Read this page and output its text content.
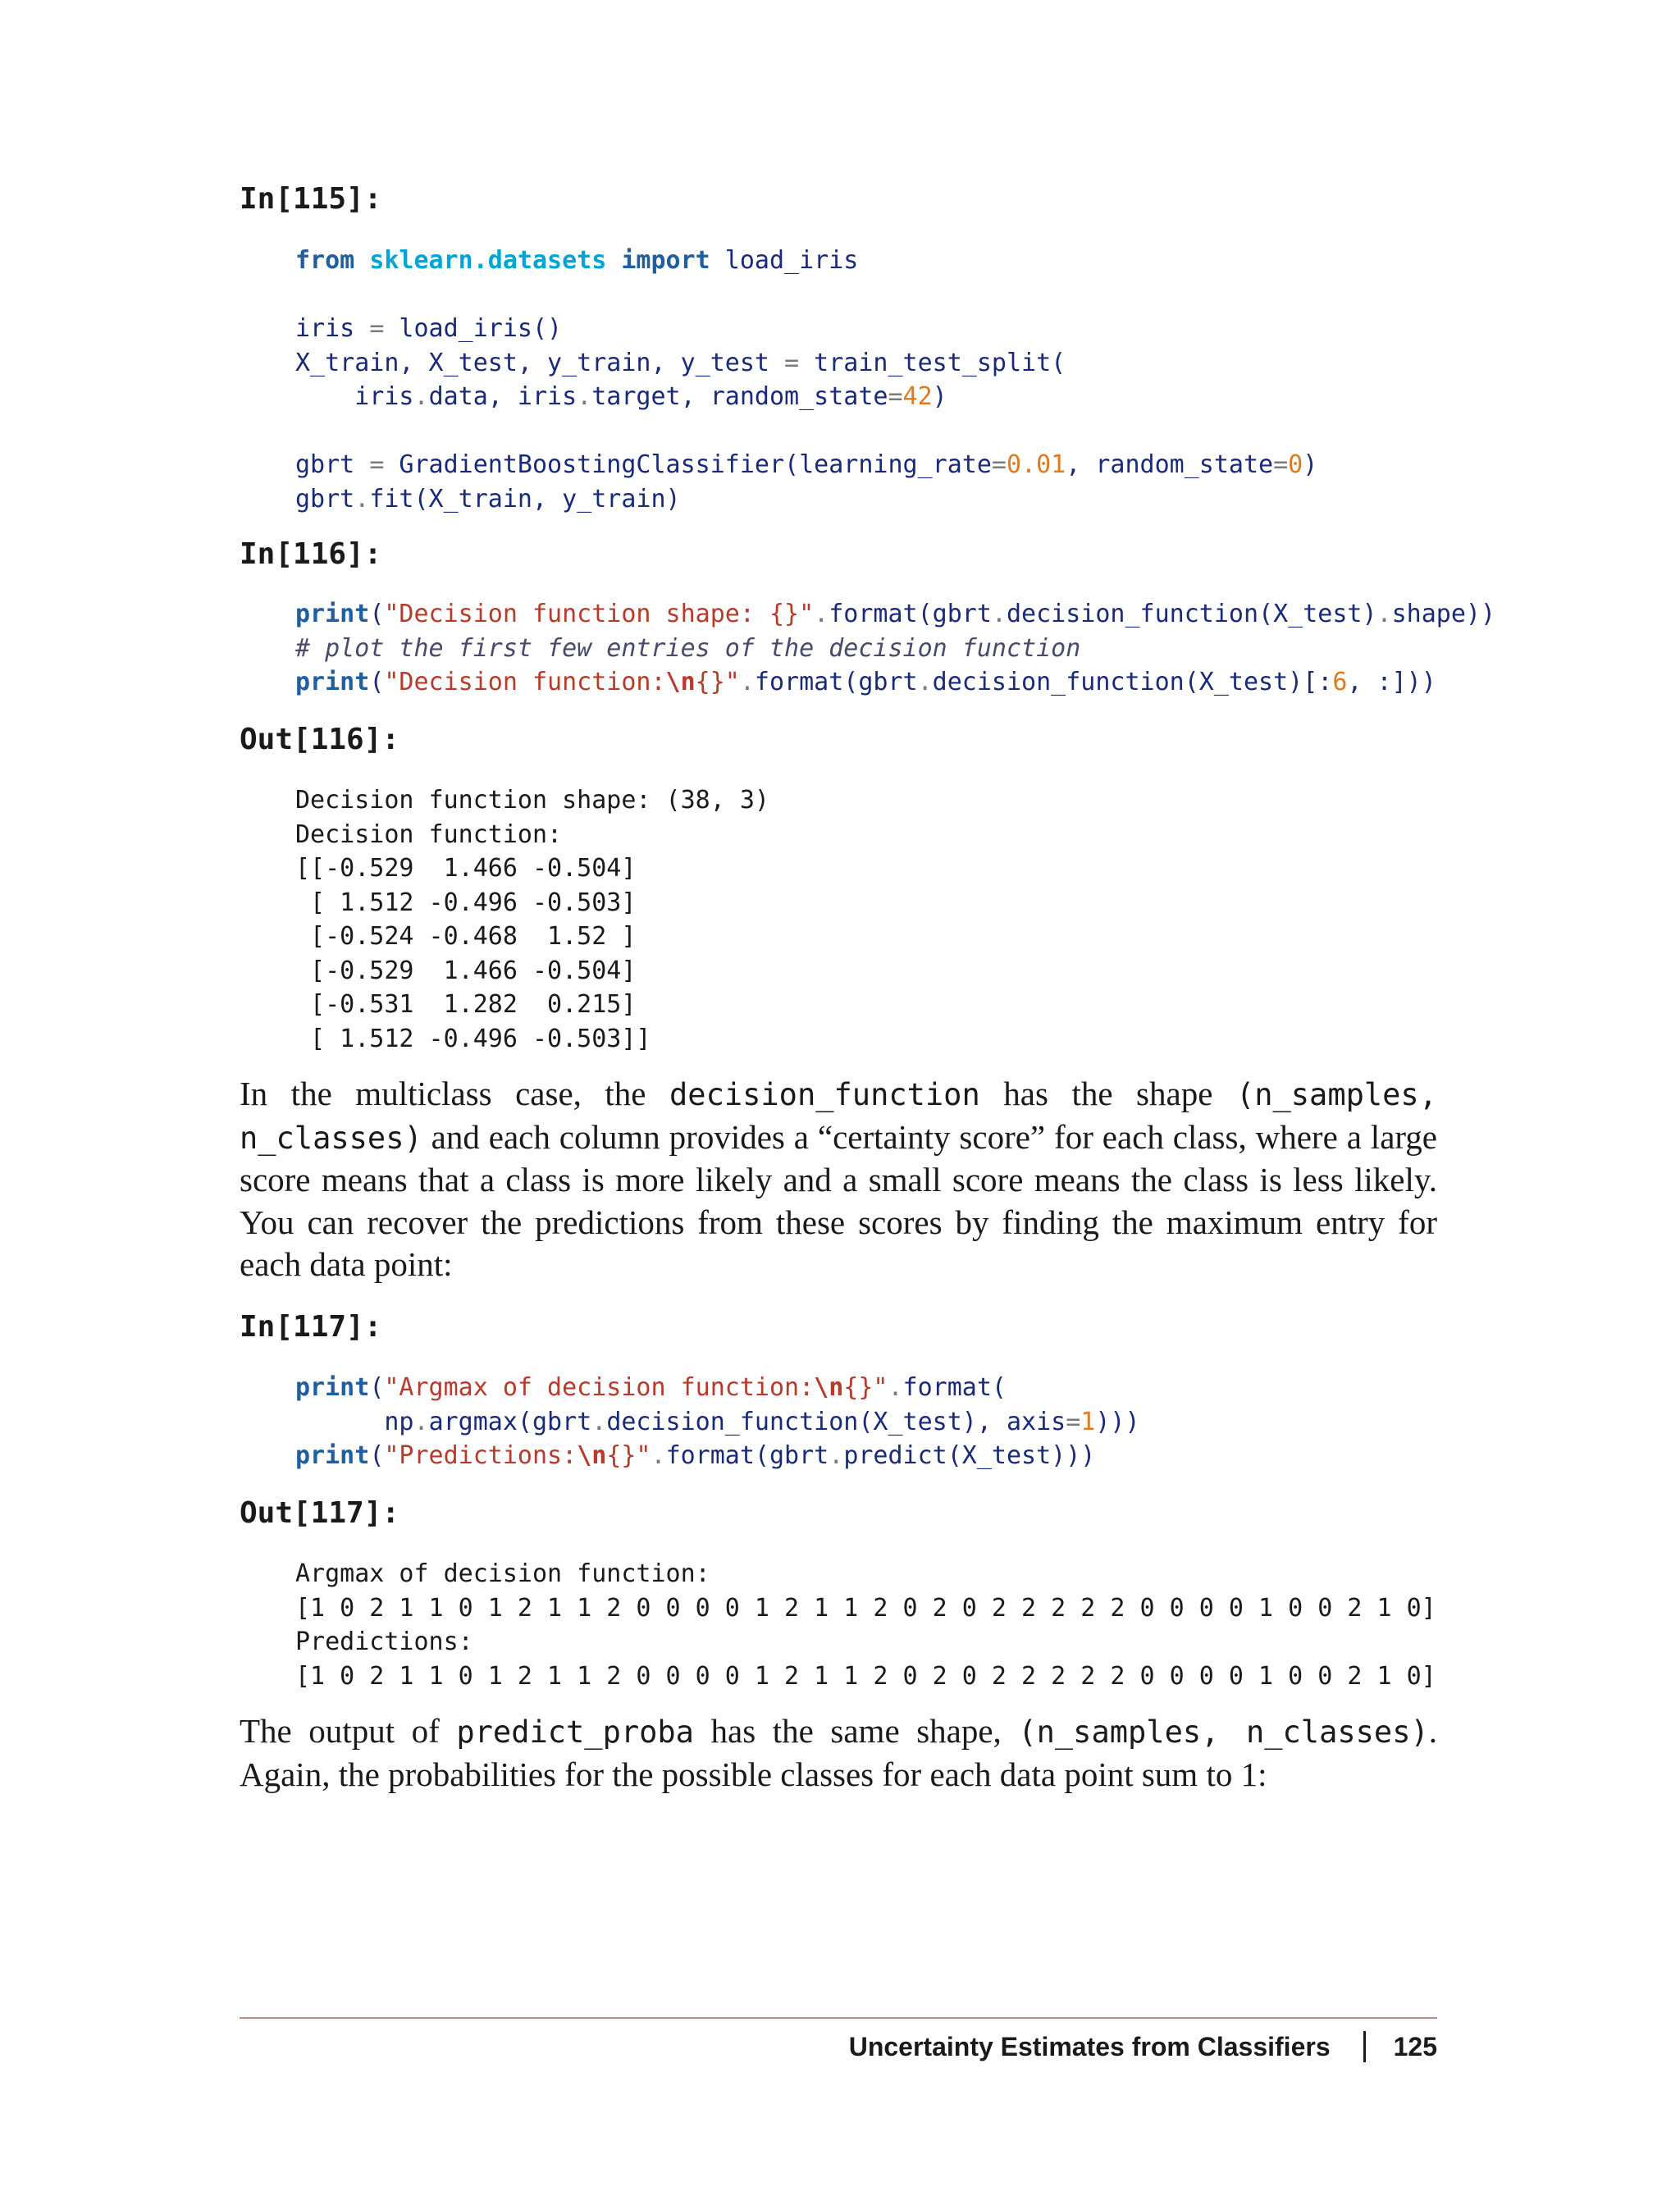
In[115]:
from sklearn.datasets import load_iris
iris = load_iris()
X_train, X_test, y_train, y_test = train_test_split(
iris.data, iris.target, random_state=42)
gbrt = GradientBoostingClassifier(learning_rate=0.01, random_state=0)
gbrt.fit(X_train, y_train)
In[116]:
print("Decision function shape: {}".format(gbrt.decision_function(X_test).shape))
# plot the first few entries of the decision function
print("Decision function:\n{}".format(gbrt.decision_function(X_test)[:6, :]))
Out[116]:
Decision function shape: (38, 3)
Decision function:
[[-0.529  1.466 -0.504]
[ 1.512 -0.496 -0.503]
[-0.524 -0.468  1.52 ]
[-0.529  1.466 -0.504]
[-0.531  1.282  0.215]
[ 1.512 -0.496 -0.503]]

In the multiclass case, the decision_function has the shape (n_samples, n_classes) and each column provides a “certainty score” for each class, where a large score means that a class is more likely and a small score means the class is less likely. You can recover the predictions from these scores by finding the maximum entry for each data point:

In[117]:
print("Argmax of decision function:\n{}".format(
np.argmax(gbrt.decision_function(X_test), axis=1)))
print("Predictions:\n{}".format(gbrt.predict(X_test)))
Out[117]:
Argmax of decision function:
[1 0 2 1 1 0 1 2 1 1 2 0 0 0 0 1 2 1 1 2 0 2 0 2 2 2 2 2 0 0 0 0 1 0 0 2 1 0]
Predictions:
[1 0 2 1 1 0 1 2 1 1 2 0 0 0 0 1 2 1 1 2 0 2 0 2 2 2 2 2 0 0 0 0 1 0 0 2 1 0]

The output of predict_proba has the same shape, (n_samples, n_classes). Again, the probabilities for the possible classes for each data point sum to 1:

Uncertainty Estimates from Classifiers 125
